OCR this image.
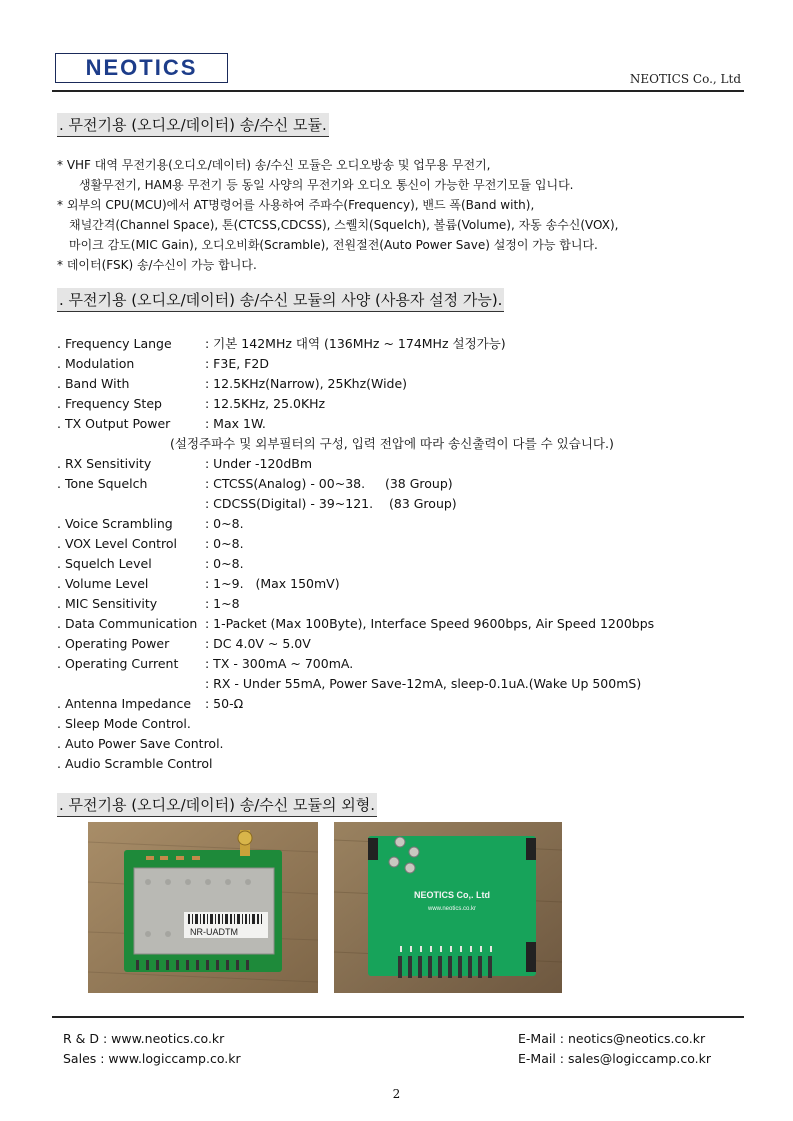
NEOTICS	NEOTICS Co., Ltd
. 무전기용 (오디오/데이터) 송/수신 모듈.
* VHF 대역 무전기용(오디오/데이터) 송/수신 모듈은 오디오방송 및 업무용 무전기,
생활무전기, HAM용 무전기 등 동일 사양의 무전기와 오디오 통신이 가능한 무전기모듈 입니다.
* 외부의 CPU(MCU)에서 AT명령어를 사용하여 주파수(Frequency), 밴드 폭(Band with),
채널간격(Channel Space), 톤(CTCSS,CDCSS), 스퀠치(Squelch), 볼륨(Volume), 자동 송수신(VOX),
마이크 감도(MIC Gain), 오디오비화(Scramble), 전원절전(Auto Power Save) 설정이 가능 합니다.
* 데이터(FSK) 송/수신이 가능 합니다.
. 무전기용 (오디오/데이터) 송/수신 모듈의 사양 (사용자 설정 가능).
. Frequency Lange	: 기본 142MHz 대역 (136MHz ~ 174MHz 설정가능)
. Modulation	: F3E, F2D
. Band With	: 12.5KHz(Narrow), 25Khz(Wide)
. Frequency Step	: 12.5KHz, 25.0KHz
. TX Output Power	: Max 1W.
(설정주파수 및 외부필터의 구성, 입력 전압에 따라 송신출력이 다를 수 있습니다.)
. RX Sensitivity	: Under -120dBm
. Tone Squelch	: CTCSS(Analog) - 00~38.     (38 Group)
: CDCSS(Digital) - 39~121.    (83 Group)
. Voice Scrambling	: 0~8.
. VOX Level Control	: 0~8.
. Squelch Level	: 0~8.
. Volume Level	: 1~9.   (Max 150mV)
. MIC Sensitivity	: 1~8
. Data Communication : 1-Packet (Max 100Byte), Interface Speed 9600bps, Air Speed 1200bps
. Operating Power	: DC 4.0V ~ 5.0V
. Operating Current	: TX - 300mA ~ 700mA.
: RX - Under 55mA, Power Save-12mA, sleep-0.1uA.(Wake Up 500mS)
. Antenna Impedance	: 50-Ω
. Sleep Mode Control.
. Auto Power Save Control.
. Audio Scramble Control
. 무전기용 (오디오/데이터) 송/수신 모듈의 외형.
NR-UADTM
NEOTICS Co,. Ltd
www.neotics.co.kr
R & D : www.neotics.co.kr
Sales : www.logiccamp.co.kr
E-Mail : neotics@neotics.co.kr
E-Mail : sales@logiccamp.co.kr
2
